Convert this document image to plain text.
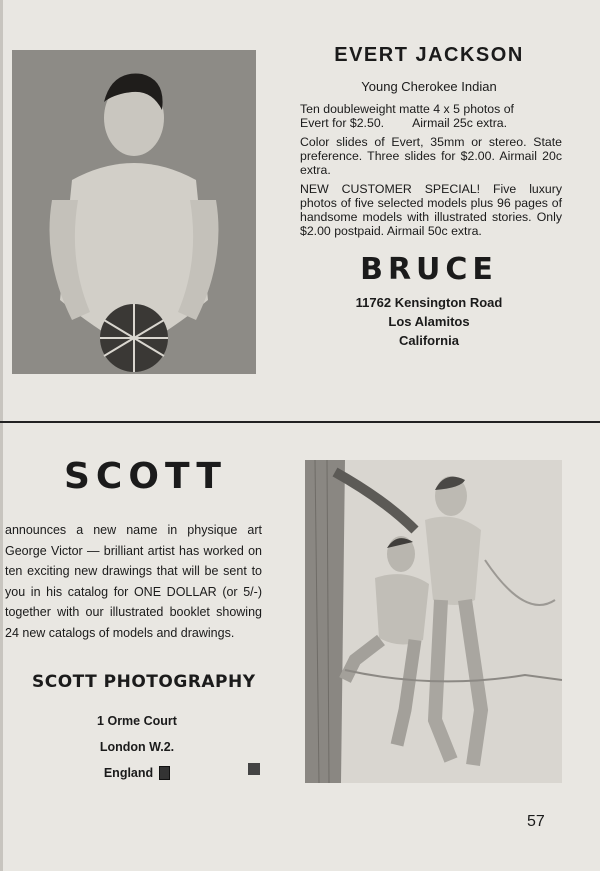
EVERT JACKSON

Young Cherokee Indian

Ten doubleweight matte 4 x 5 photos of
Evert for $2.50. Airmail 25c extra.

Color slides of Evert, 35mm or stereo. State preference. Three slides for $2.00. Airmail 20c extra.

NEW CUSTOMER SPECIAL! Five luxury photos of five selected models plus 96 pages of handsome models with illustrated stories. Only $2.00 postpaid. Airmail 50c extra.

BRUCE

11762 Kensington Road

Los Alamitos

California

SCOTT

announces a new name in physique art George Victor — brilliant artist has worked on ten exciting new drawings that will be sent to you in his catalog for ONE DOLLAR (or 5/-) together with our illustrated booklet showing 24 new catalogs of models and drawings.

SCOTT PHOTOGRAPHY

1 Orme Court
London W.2.
England

57
